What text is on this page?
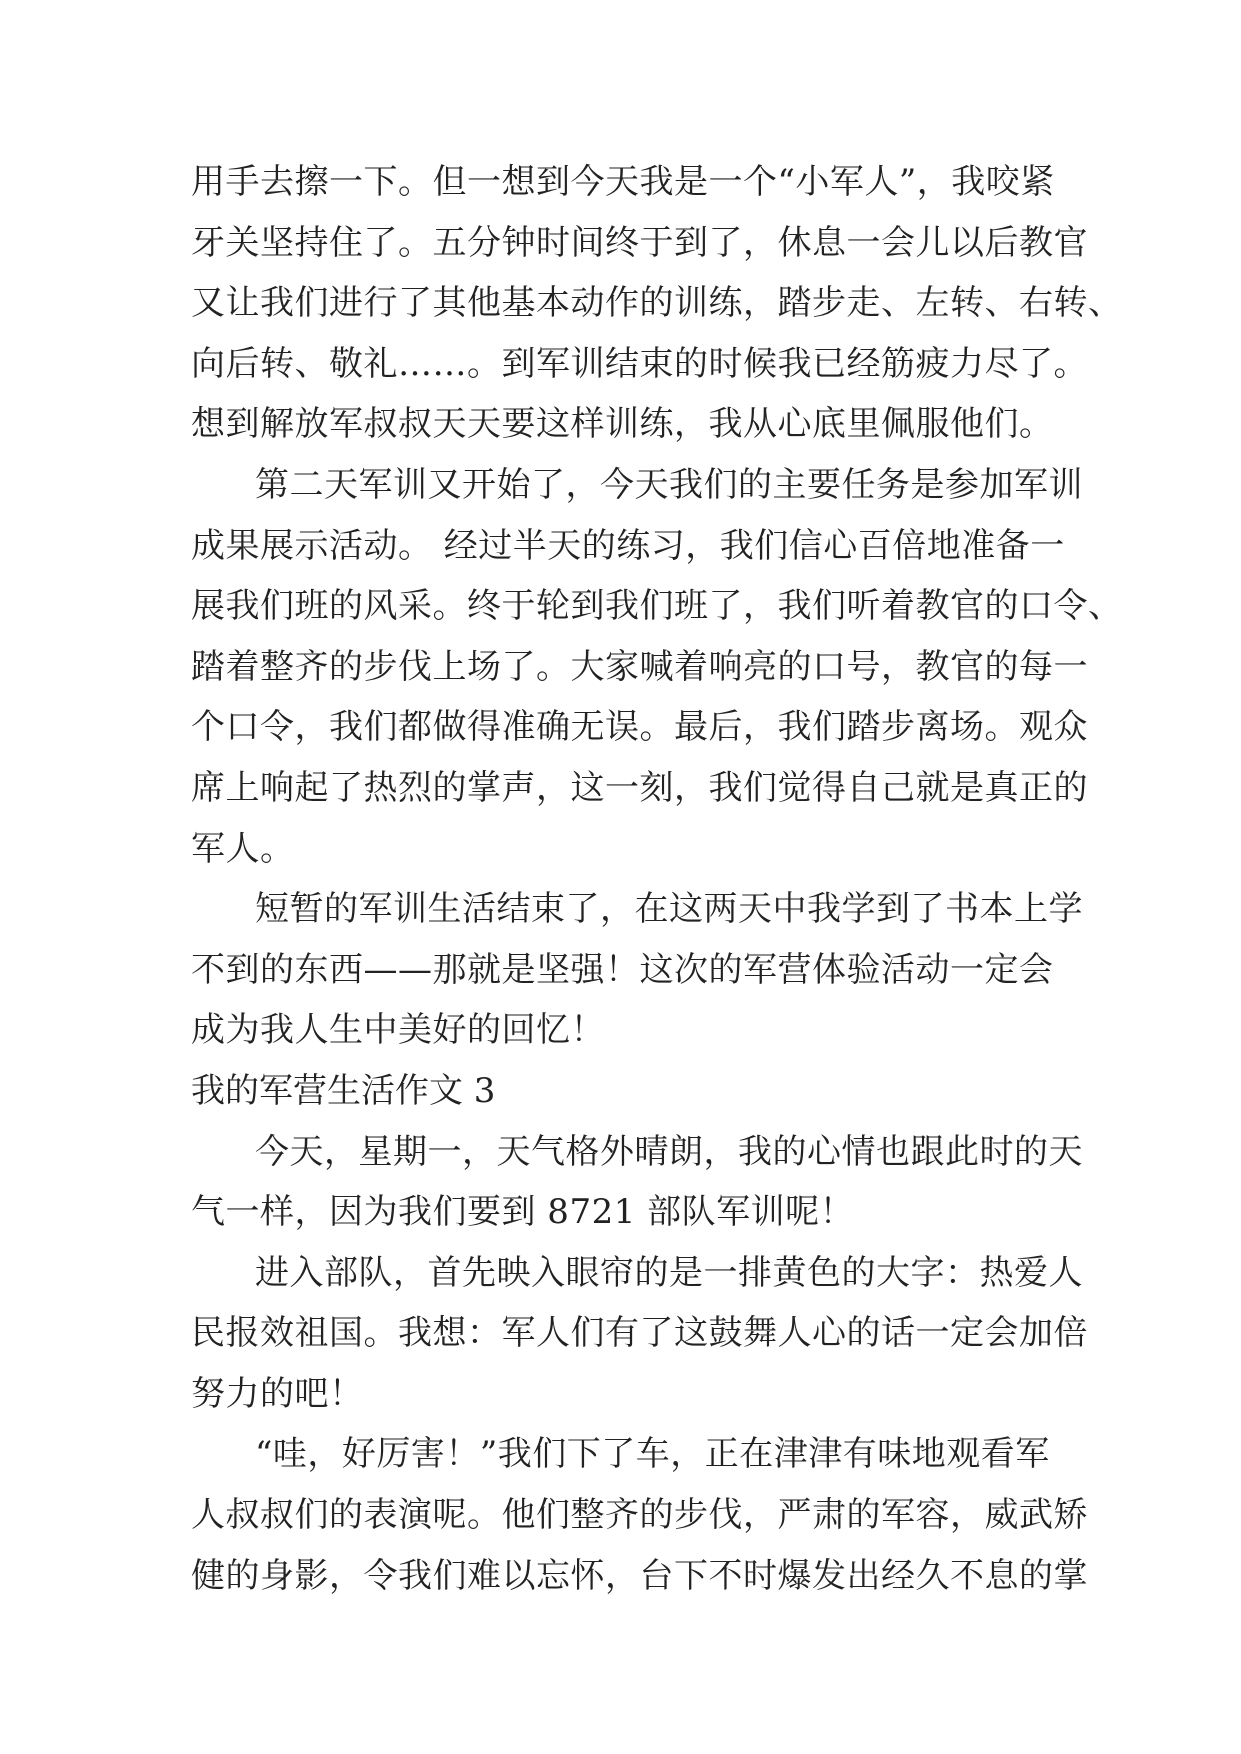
用手去擦一下。但一想到今天我是一个“小军人”，我咬紧
牙关坚持住了。五分钟时间终于到了，休息一会儿以后教官
又让我们进行了其他基本动作的训练，踏步走、左转、右转、
向后转、敬礼……。到军训结束的时候我已经筋疲力尽了。
想到解放军叔叔天天要这样训练，我从心底里佩服他们。
第二天军训又开始了，今天我们的主要任务是参加军训
成果展示活动。 经过半天的练习，我们信心百倍地准备一
展我们班的风采。终于轮到我们班了，我们听着教官的口令、
踏着整齐的步伐上场了。大家喊着响亮的口号，教官的每一
个口令，我们都做得准确无误。最后，我们踏步离场。观众
席上响起了热烈的掌声，这一刻，我们觉得自己就是真正的
军人。
短暂的军训生活结束了，在这两天中我学到了书本上学
不到的东西——那就是坚强！这次的军营体验活动一定会
成为我人生中美好的回忆！
我的军营生活作文 3
今天，星期一，天气格外晴朗，我的心情也跟此时的天
气一样，因为我们要到 8721 部队军训呢！
进入部队，首先映入眼帘的是一排黄色的大字：热爱人
民报效祖国。我想：军人们有了这鼓舞人心的话一定会加倍
努力的吧！
“哇，好厉害！”我们下了车，正在津津有味地观看军
人叔叔们的表演呢。他们整齐的步伐，严肃的军容，威武矫
健的身影，令我们难以忘怀，台下不时爆发出经久不息的掌
